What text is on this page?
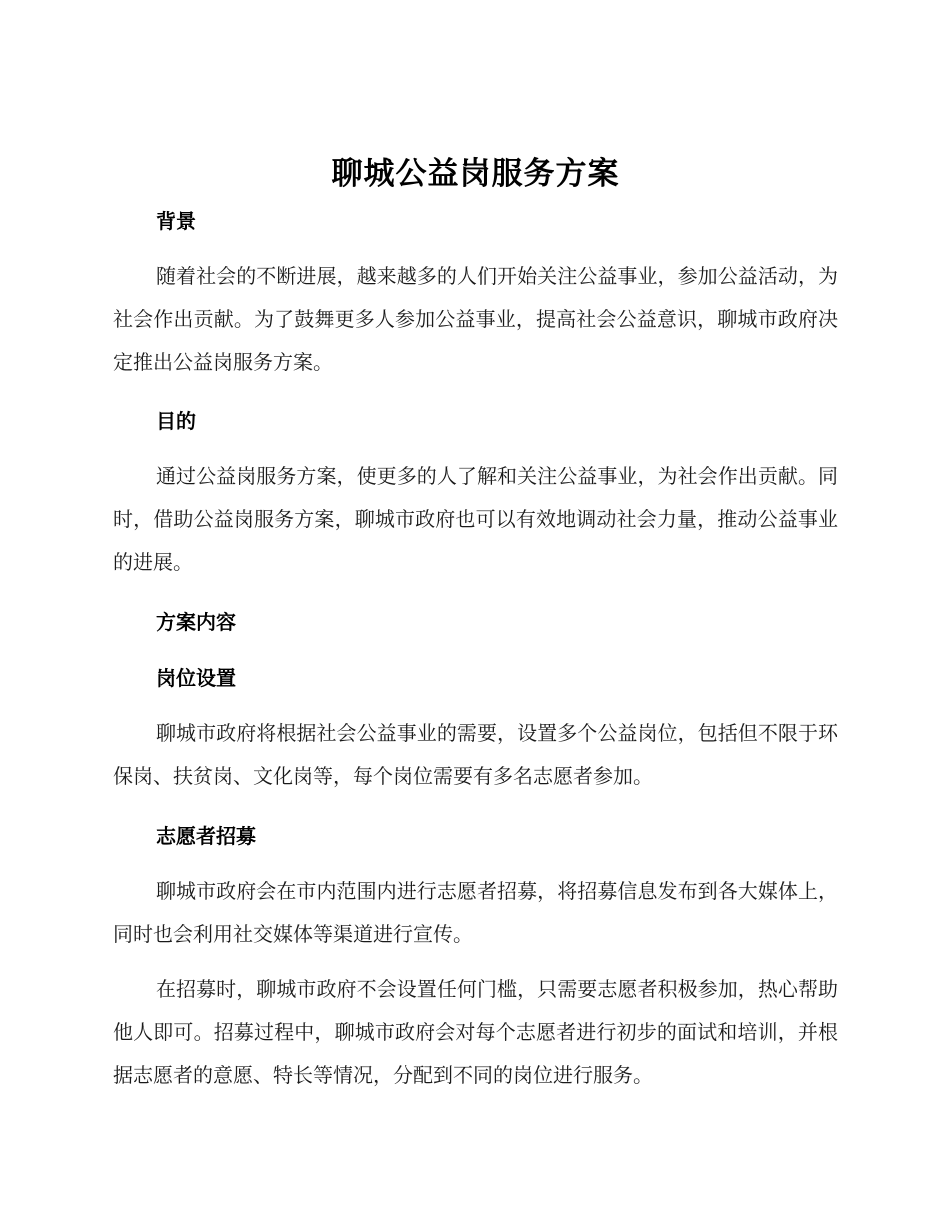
聊城公益岗服务方案
背景

随着社会的不断进展，越来越多的人们开始关注公益事业，参加公益活动，为社会作出贡献。为了鼓舞更多人参加公益事业，提高社会公益意识，聊城市政府决定推出公益岗服务方案。

目的

通过公益岗服务方案，使更多的人了解和关注公益事业，为社会作出贡献。同时，借助公益岗服务方案，聊城市政府也可以有效地调动社会力量，推动公益事业的进展。

方案内容
岗位设置

聊城市政府将根据社会公益事业的需要，设置多个公益岗位，包括但不限于环保岗、扶贫岗、文化岗等，每个岗位需要有多名志愿者参加。

志愿者招募

聊城市政府会在市内范围内进行志愿者招募，将招募信息发布到各大媒体上，同时也会利用社交媒体等渠道进行宣传。

在招募时，聊城市政府不会设置任何门槛，只需要志愿者积极参加，热心帮助他人即可。招募过程中，聊城市政府会对每个志愿者进行初步的面试和培训，并根据志愿者的意愿、特长等情况，分配到不同的岗位进行服务。
